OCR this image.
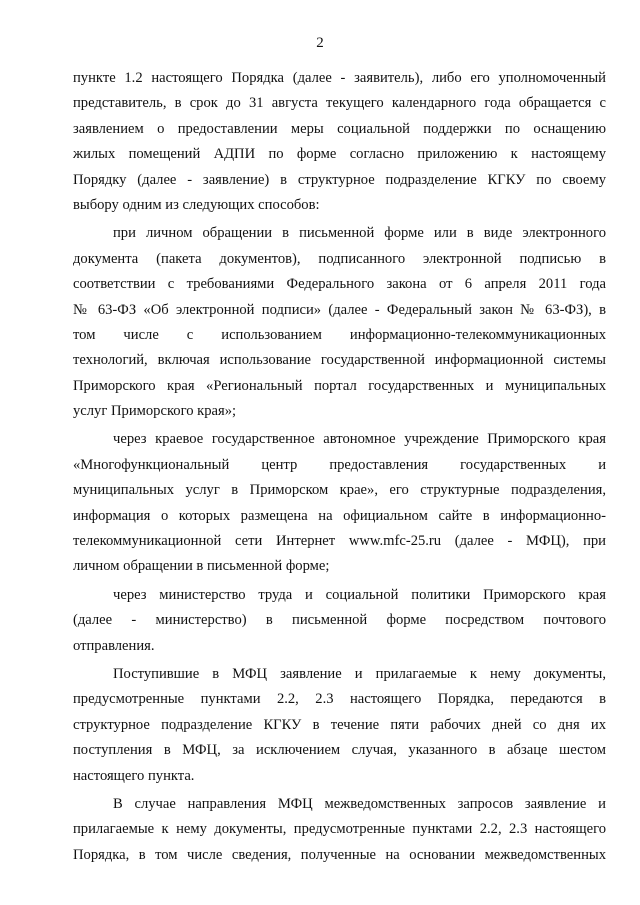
2
пункте 1.2 настоящего Порядка (далее - заявитель), либо его уполномоченный
представитель, в срок до 31 августа текущего календарного года обращается с
заявлением о предоставлении меры социальной поддержки по оснащению
жилых помещений АДПИ по форме согласно приложению к настоящему
Порядку (далее - заявление) в структурное подразделение КГКУ по своему
выбору одним из следующих способов:
при личном обращении в письменной форме или в виде электронного
документа (пакета документов), подписанного электронной подписью в
соответствии с требованиями Федерального закона от 6 апреля 2011 года
№ 63-ФЗ «Об электронной подписи» (далее - Федеральный закон № 63-ФЗ), в
том числе с использованием информационно-телекоммуникационных
технологий, включая использование государственной информационной системы
Приморского края «Региональный портал государственных и муниципальных
услуг Приморского края»;
через краевое государственное автономное учреждение Приморского края
«Многофункциональный центр предоставления государственных и
муниципальных услуг в Приморском крае», его структурные подразделения,
информация о которых размещена на официальном сайте в информационно-
телекоммуникационной сети Интернет www.mfc-25.ru (далее - МФЦ), при
личном обращении в письменной форме;
через министерство труда и социальной политики Приморского края
(далее - министерство) в письменной форме посредством почтового
отправления.
Поступившие в МФЦ заявление и прилагаемые к нему документы,
предусмотренные пунктами 2.2, 2.3 настоящего Порядка, передаются в
структурное подразделение КГКУ в течение пяти рабочих дней со дня их
поступления в МФЦ, за исключением случая, указанного в абзаце шестом
настоящего пункта.
В случае направления МФЦ межведомственных запросов заявление и
прилагаемые к нему документы, предусмотренные пунктами 2.2, 2.3 настоящего
Порядка, в том числе сведения, полученные на основании межведомственных
